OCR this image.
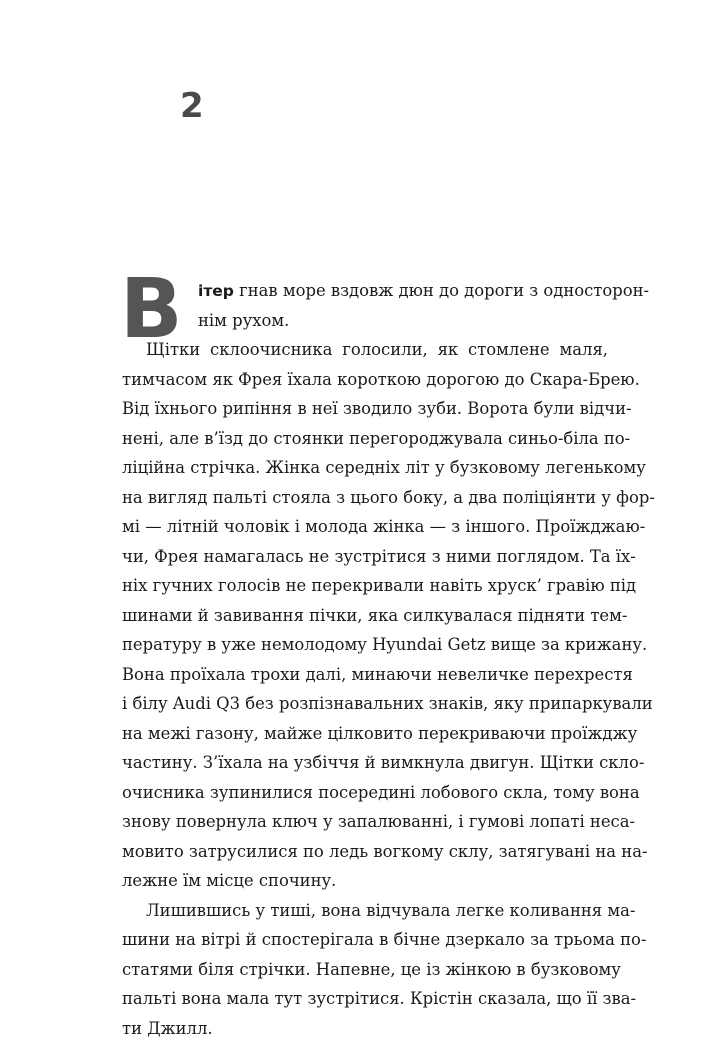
2
В ітер гнав море вздовж дюн до дороги з односторон-
нім рухом.
Щітки склоочисника голосили, як стомлене маля,
тимчасом як Фрея їхала короткою дорогою до Скара-Брею.
Від їхнього рипіння в неї зводило зуби. Ворота були відчи-
нені, але в’їзд до стоянки перегороджувала синьо-біла по-
ліційна стрічка. Жінка середніх літ у бузковому легенькому
на вигляд пальті стояла з цього боку, а два поліціянти у фор-
мі — літній чоловік і молода жінка — з іншого. Проїжджаю-
чи, Фрея намагалась не зустрітися з ними поглядом. Та їх-
ніх гучних голосів не перекривали навіть хруск’ гравію під
шинами й завивання пічки, яка силкувалася підняти тем-
пературу в уже немолодому Hyundai Getz вище за крижану.
Вона проїхала трохи далі, минаючи невеличке перехрестя
і білу Audi Q3 без розпізнавальних знаків, яку припаркували
на межі газону, майже цілковито перекриваючи проїжджу
частину. З’їхала на узбіччя й вимкнула двигун. Щітки скло-
очисника зупинилися посередині лобового скла, тому вона
знову повернула ключ у запалюванні, і гумові лопаті неса-
мовито затрусилися по ледь вогкому склу, затягувані на на-
лежне їм місце спочину.
Лишившись у тиші, вона відчувала легке коливання ма-
шини на вітрі й спостерігала в бічне дзеркало за трьома по-
статями біля стрічки. Напевне, це із жінкою в бузковому
пальті вона мала тут зустрітися. Крістін сказала, що її зва-
ти Джилл.
